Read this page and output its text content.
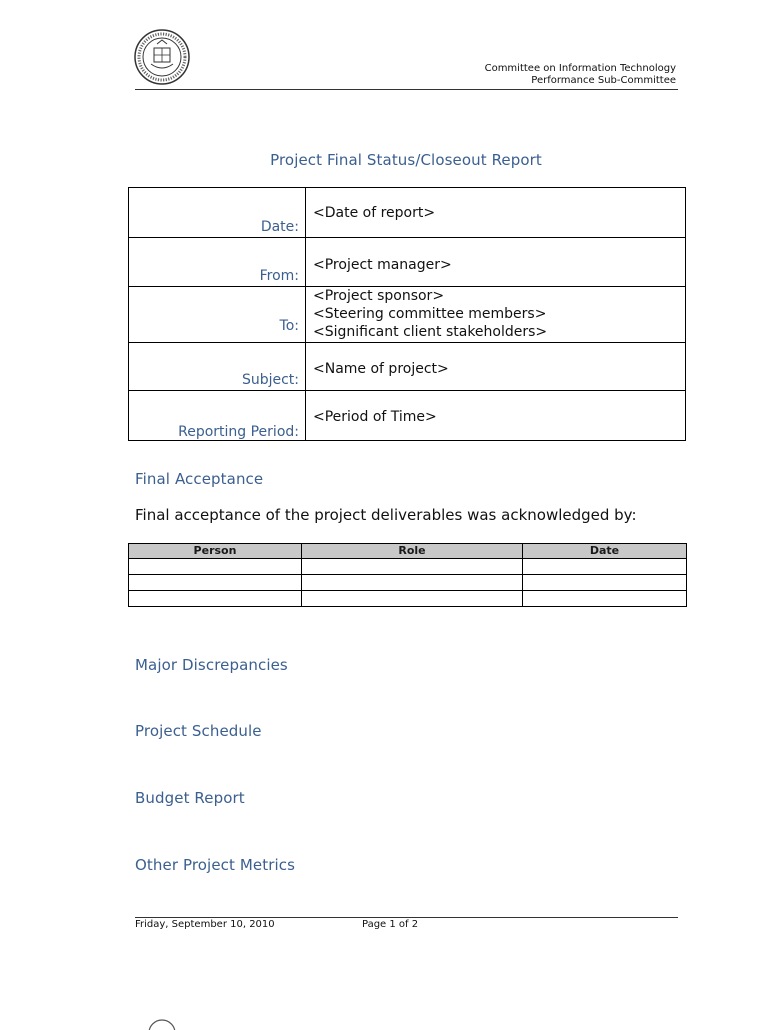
Committee on Information Technology
Performance Sub-Committee
Project Final Status/Closeout Report
Date:	<Date of report>

From:	<Project manager>

To:	<Project sponsor>
<Steering committee members>
<Significant client stakeholders>

Subject:	<Name of project>

Reporting Period:	<Period of Time>
Final Acceptance
Final acceptance of the project deliverables was acknowledged by:
Person	Role	Date

Major Discrepancies
Project Schedule
Budget Report
Other Project Metrics
Friday, September 10, 2010	Page 1 of 2
